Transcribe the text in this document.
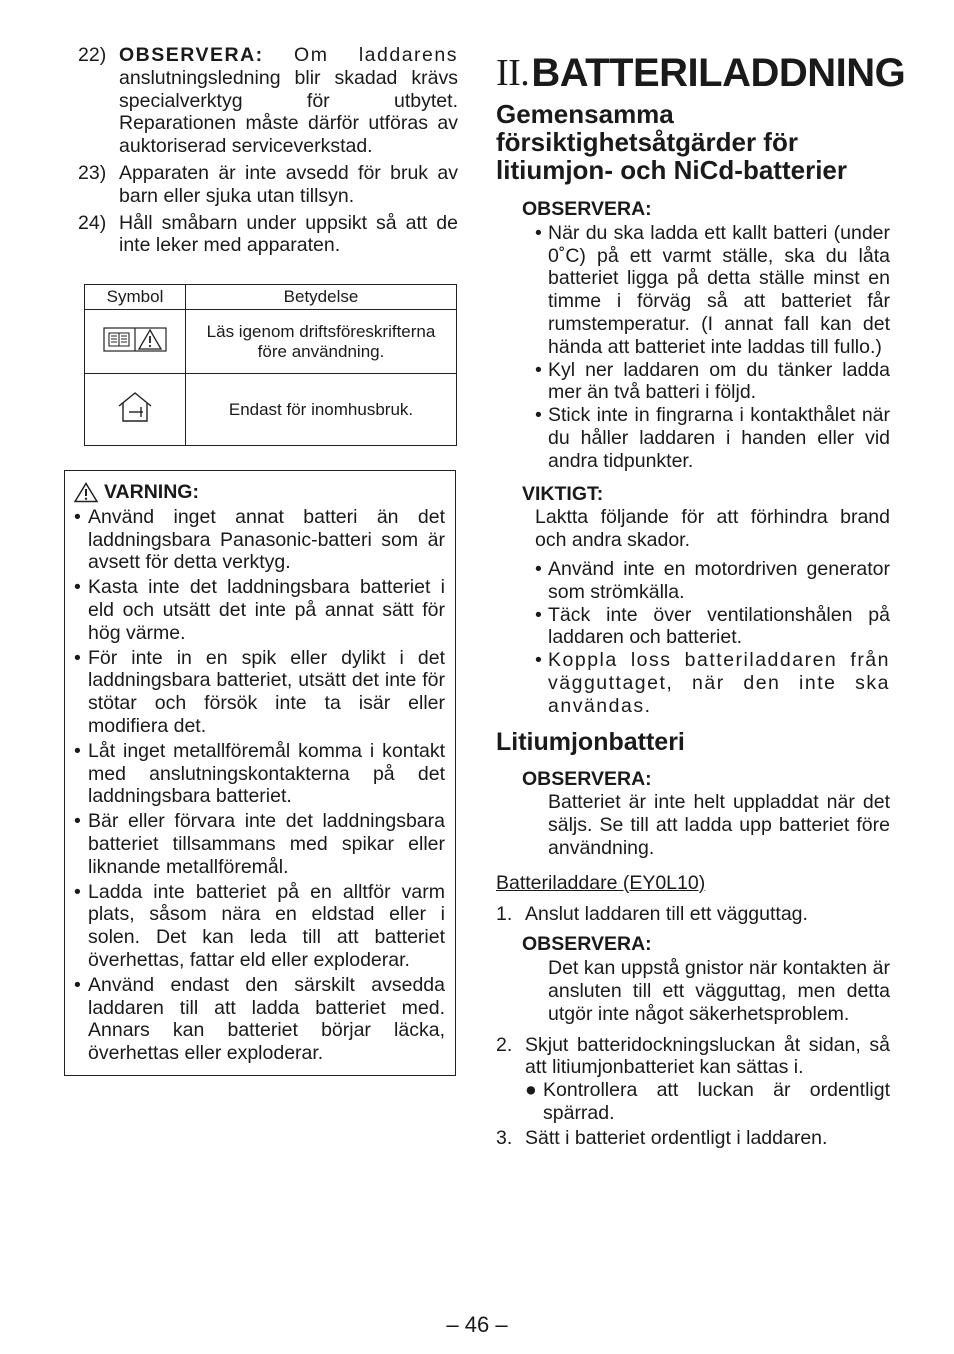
22) OBSERVERA: Om laddarens anslutningsledning blir skadad krävs specialverktyg för utbytet. Reparationen måste därför utföras av auktoriserad serviceverkstad.
23) Apparaten är inte avsedd för bruk av barn eller sjuka utan tillsyn.
24) Håll småbarn under uppsikt så att de inte leker med apparaten.
Symbol	Betydelse
	Läs igenom driftsföreskrifterna före användning.
	Endast för inomhusbruk.
VARNING:
• Använd inget annat batteri än det laddningsbara Panasonic-batteri som är avsett för detta verktyg.
• Kasta inte det laddningsbara batteriet i eld och utsätt det inte på annat sätt för hög värme.
• För inte in en spik eller dylikt i det laddningsbara batteriet, utsätt det inte för stötar och försök inte ta isär eller modifiera det.
• Låt inget metallföremål komma i kontakt med anslutningskontakterna på det laddningsbara batteriet.
• Bär eller förvara inte det laddningsbara batteriet tillsammans med spikar eller liknande metallföremål.
• Ladda inte batteriet på en alltför varm plats, såsom nära en eldstad eller i solen. Det kan leda till att batteriet överhettas, fattar eld eller exploderar.
• Använd endast den särskilt avsedda laddaren till att ladda batteriet med. Annars kan batteriet börjar läcka, överhettas eller exploderar.
II. BATTERILADDNING
Gemensamma försiktighetsåtgärder för litiumjon- och NiCd-batterier
OBSERVERA:
• När du ska ladda ett kallt batteri (under 0˚C) på ett varmt ställe, ska du låta batteriet ligga på detta ställe minst en timme i förväg så att batteriet får rumstemperatur. (I annat fall kan det hända att batteriet inte laddas till fullo.)
• Kyl ner laddaren om du tänker ladda mer än två batteri i följd.
• Stick inte in fingrarna i kontakthålet när du håller laddaren i handen eller vid andra tidpunkter.
VIKTIGT:
Laktta följande för att förhindra brand och andra skador.
• Använd inte en motordriven generator som strömkälla.
• Täck inte över ventilationshålen på laddaren och batteriet.
• Koppla loss batteriladdaren från vägguttaget, när den inte ska användas.
Litiumjonbatteri
OBSERVERA:
Batteriet är inte helt uppladdat när det säljs. Se till att ladda upp batteriet före användning.
Batteriladdare (EY0L10)
1. Anslut laddaren till ett vägguttag.
OBSERVERA:
Det kan uppstå gnistor när kontakten är ansluten till ett vägguttag, men detta utgör inte något säkerhetsproblem.
2. Skjut batteridockningsluckan åt sidan, så att litiumjonbatteriet kan sättas i.
● Kontrollera att luckan är ordentligt spärrad.
3. Sätt i batteriet ordentligt i laddaren.
– 46 –
